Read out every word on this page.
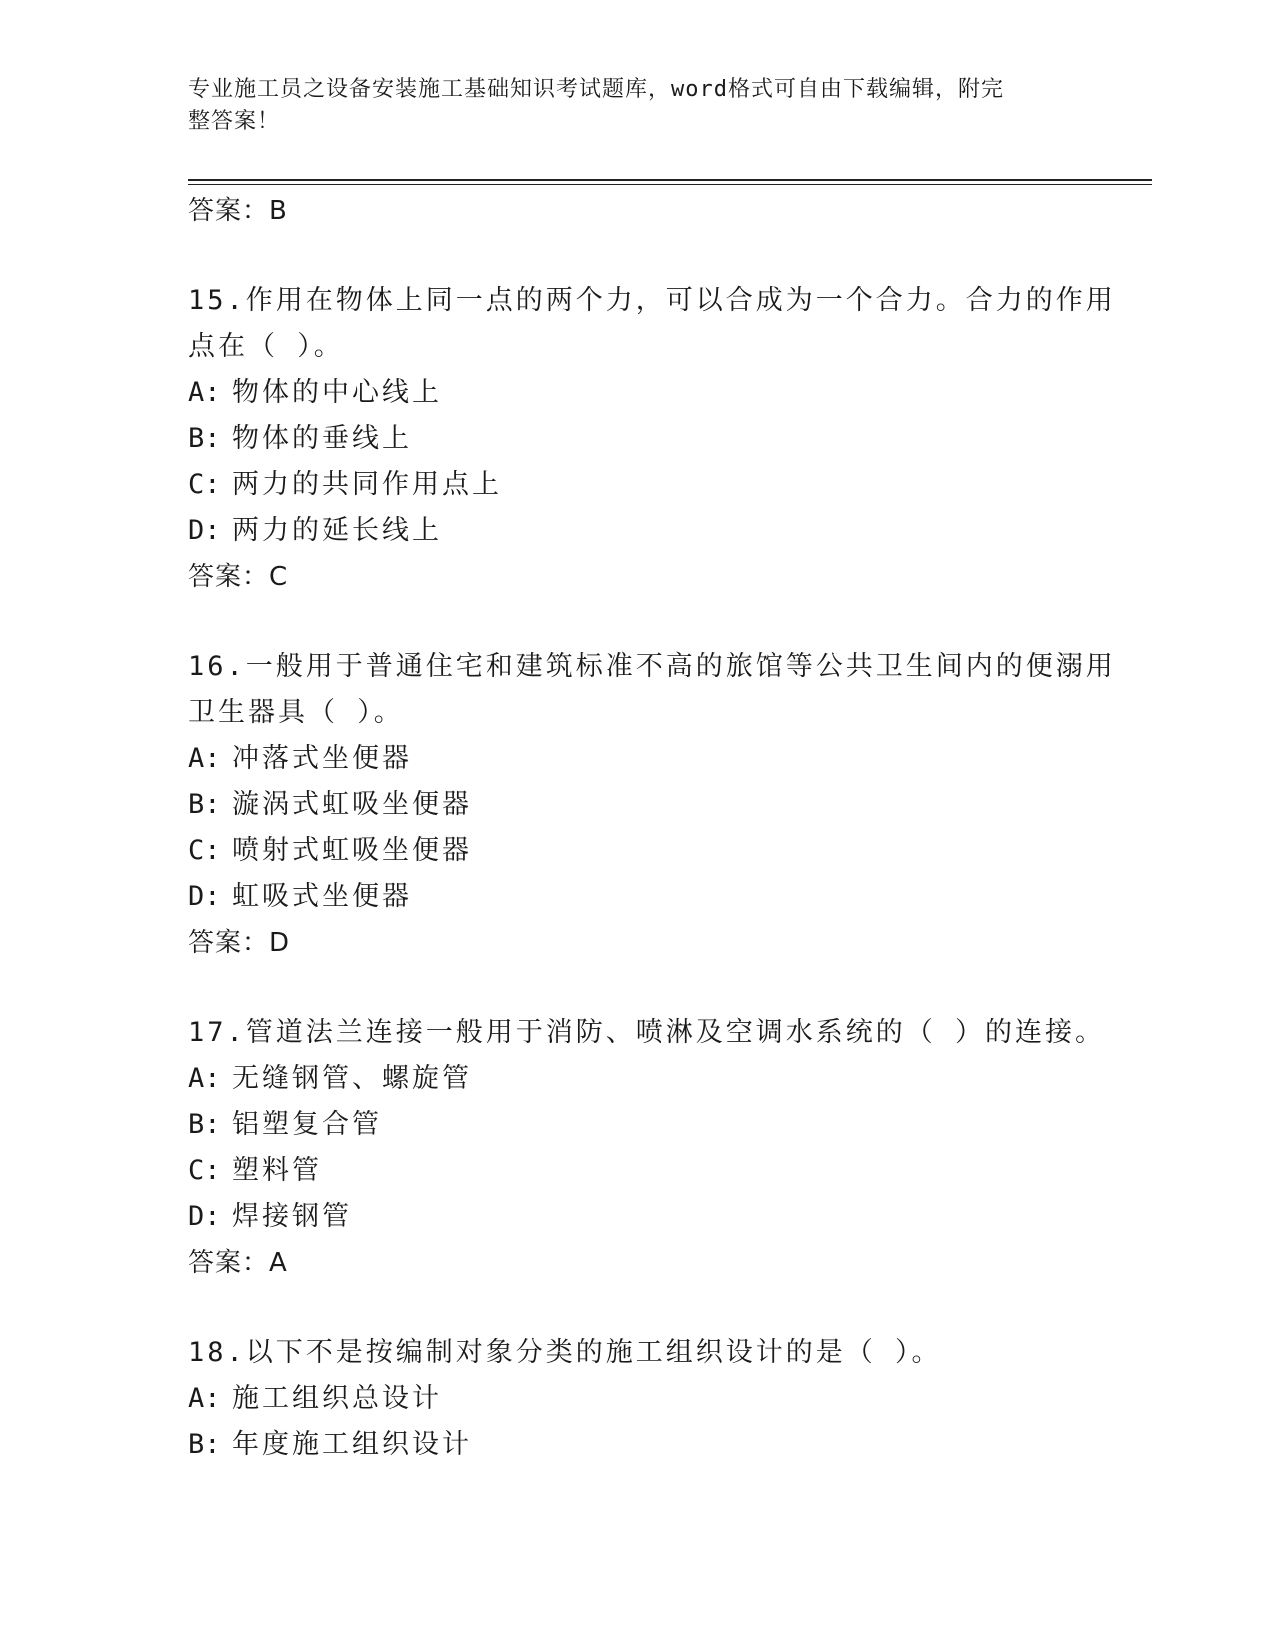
专业施工员之设备安装施工基础知识考试题库，word格式可自由下载编辑，附完
整答案！
答案：B
15.作用在物体上同一点的两个力，可以合成为一个合力。合力的作用
点在（ ）。
A: 物体的中心线上
B: 物体的垂线上
C: 两力的共同作用点上
D: 两力的延长线上
答案：C
16.一般用于普通住宅和建筑标准不高的旅馆等公共卫生间内的便溺用
卫生器具（ ）。
A: 冲落式坐便器
B: 漩涡式虹吸坐便器
C: 喷射式虹吸坐便器
D: 虹吸式坐便器
答案：D
17.管道法兰连接一般用于消防、喷淋及空调水系统的（ ）的连接。
A: 无缝钢管、螺旋管
B: 铝塑复合管
C: 塑料管
D: 焊接钢管
答案：A
18.以下不是按编制对象分类的施工组织设计的是（ ）。
A: 施工组织总设计
B: 年度施工组织设计
